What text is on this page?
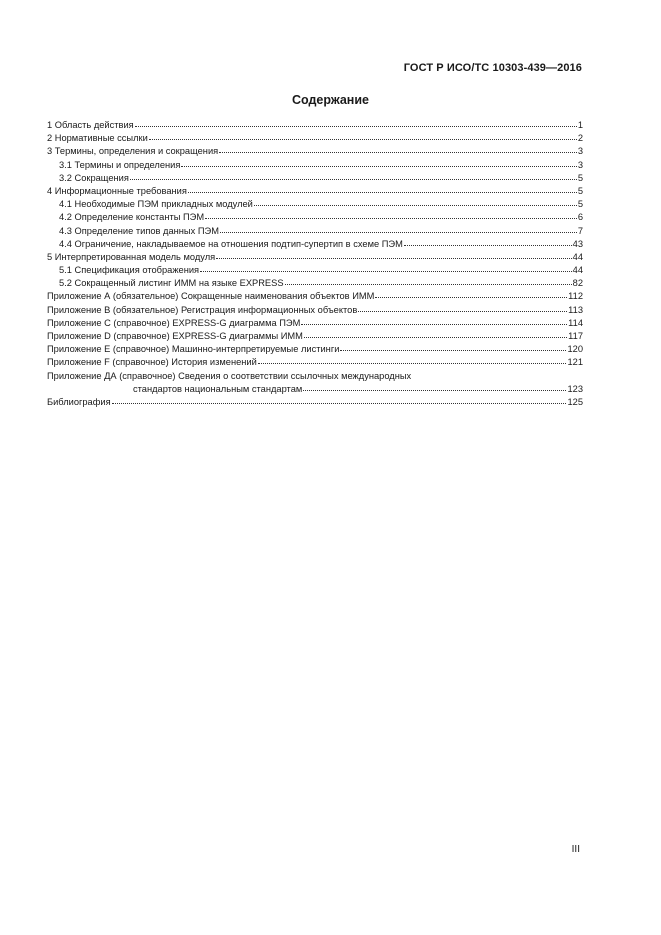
ГОСТ Р ИСО/ТС 10303-439—2016
Содержание
1 Область действия	1
2 Нормативные ссылки	2
3 Термины, определения и сокращения	3
3.1 Термины и определения	3
3.2 Сокращения	5
4 Информационные требования	5
4.1 Необходимые ПЭМ прикладных модулей	5
4.2 Определение константы ПЭМ	6
4.3 Определение типов данных ПЭМ	7
4.4 Ограничение, накладываемое на отношения подтип-супертип в схеме ПЭМ	43
5 Интерпретированная модель модуля	44
5.1 Спецификация отображения	44
5.2 Сокращенный листинг ИММ на языке EXPRESS	82
Приложение А (обязательное) Сокращенные наименования объектов ИММ	112
Приложение В (обязательное) Регистрация информационных объектов	113
Приложение С (справочное) EXPRESS-G диаграмма ПЭМ	114
Приложение D (справочное) EXPRESS-G диаграммы ИММ	117
Приложение Е (справочное) Машинно-интерпретируемые листинги	120
Приложение F (справочное) История изменений	121
Приложение ДА (справочное) Сведения о соответствии ссылочных международных
стандартов национальным стандартам	123
Библиография	125
III
